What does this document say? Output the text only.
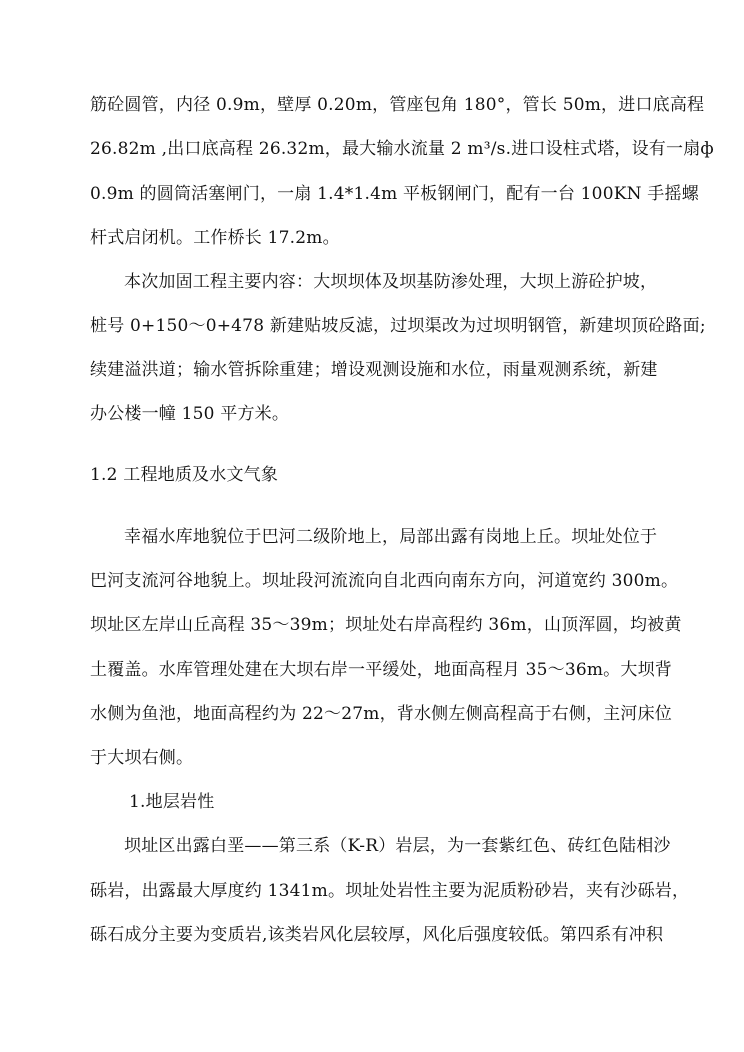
筋砼圆管，内径 0.9m，壁厚 0.20m，管座包角 180°，管长 50m，进口底高程
26.82m ,出口底高程 26.32m，最大输水流量 2 m³/s.进口设柱式塔，设有一扇ф
0.9m 的圆筒活塞闸门，一扇 1.4*1.4m 平板钢闸门，配有一台 100KN 手摇螺
杆式启闭机。工作桥长 17.2m。
本次加固工程主要内容：大坝坝体及坝基防渗处理，大坝上游砼护坡，
桩号 0+150～0+478 新建贴坡反滤，过坝渠改为过坝明钢管，新建坝顶砼路面;
续建溢洪道；输水管拆除重建；增设观测设施和水位，雨量观测系统，新建
办公楼一幢 150 平方米。
1.2 工程地质及水文气象
幸福水库地貌位于巴河二级阶地上，局部出露有岗地上丘。坝址处位于
巴河支流河谷地貌上。坝址段河流流向自北西向南东方向，河道宽约 300m。
坝址区左岸山丘高程 35～39m；坝址处右岸高程约 36m，山顶浑圆，均被黄
土覆盖。水库管理处建在大坝右岸一平缓处，地面高程月 35～36m。大坝背
水侧为鱼池，地面高程约为 22～27m，背水侧左侧高程高于右侧，主河床位
于大坝右侧。
1.地层岩性
坝址区出露白垩——第三系（K-R）岩层，为一套紫红色、砖红色陆相沙
砾岩，出露最大厚度约 1341m。坝址处岩性主要为泥质粉砂岩，夹有沙砾岩，
砾石成分主要为变质岩,该类岩风化层较厚，风化后强度较低。第四系有冲积
